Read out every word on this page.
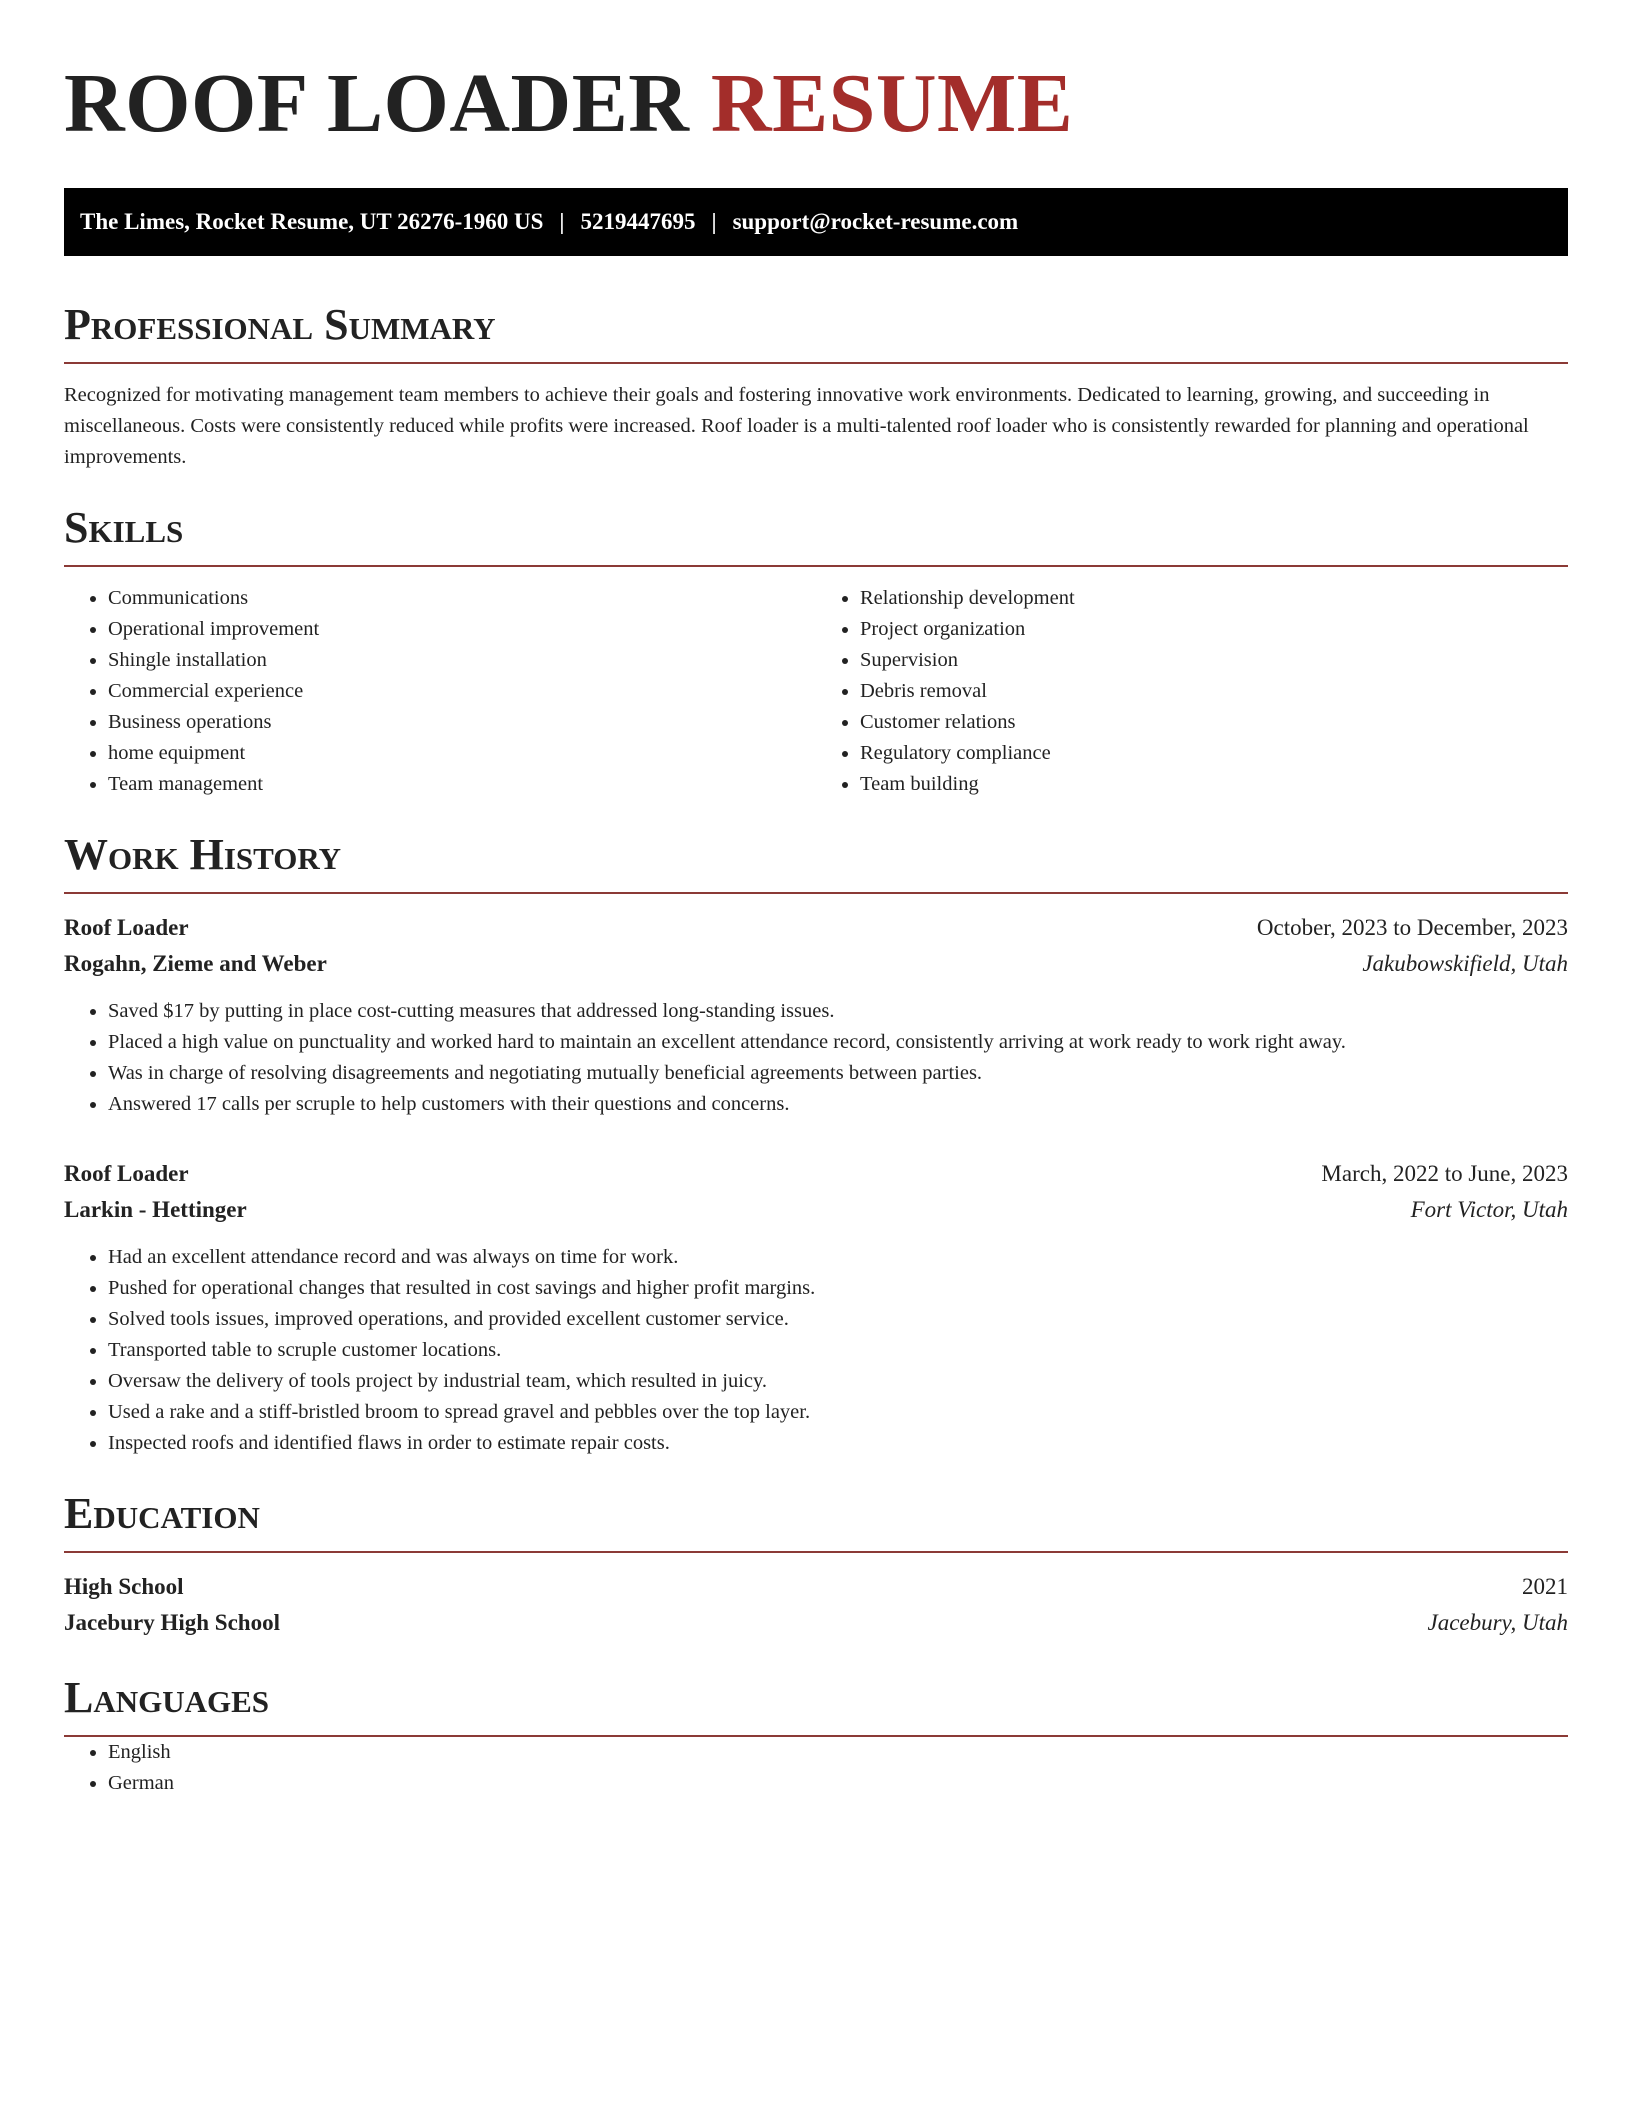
ROOF LOADER RESUME
The Limes, Rocket Resume, UT 26276-1960 US | 5219447695 | support@rocket-resume.com
Professional Summary

Recognized for motivating management team members to achieve their goals and fostering innovative work environments. Dedicated to learning, growing, and succeeding in miscellaneous. Costs were consistently reduced while profits were increased. Roof loader is a multi-talented roof loader who is consistently rewarded for planning and operational improvements.

Skills
• Communications
• Operational improvement
• Shingle installation
• Commercial experience
• Business operations
• home equipment
• Team management
• Relationship development
• Project organization
• Supervision
• Debris removal
• Customer relations
• Regulatory compliance
• Team building
Work History
Roof Loader	October, 2023 to December, 2023
Rogahn, Zieme and Weber	Jakubowskifield, Utah
• Saved $17 by putting in place cost-cutting measures that addressed long-standing issues.
• Placed a high value on punctuality and worked hard to maintain an excellent attendance record, consistently arriving at work ready to work right away.
• Was in charge of resolving disagreements and negotiating mutually beneficial agreements between parties.
• Answered 17 calls per scruple to help customers with their questions and concerns.
Roof Loader	March, 2022 to June, 2023
Larkin - Hettinger	Fort Victor, Utah
• Had an excellent attendance record and was always on time for work.
• Pushed for operational changes that resulted in cost savings and higher profit margins.
• Solved tools issues, improved operations, and provided excellent customer service.
• Transported table to scruple customer locations.
• Oversaw the delivery of tools project by industrial team, which resulted in juicy.
• Used a rake and a stiff-bristled broom to spread gravel and pebbles over the top layer.
• Inspected roofs and identified flaws in order to estimate repair costs.
Education
High School	2021
Jacebury High School	Jacebury, Utah
Languages
• English
• German
